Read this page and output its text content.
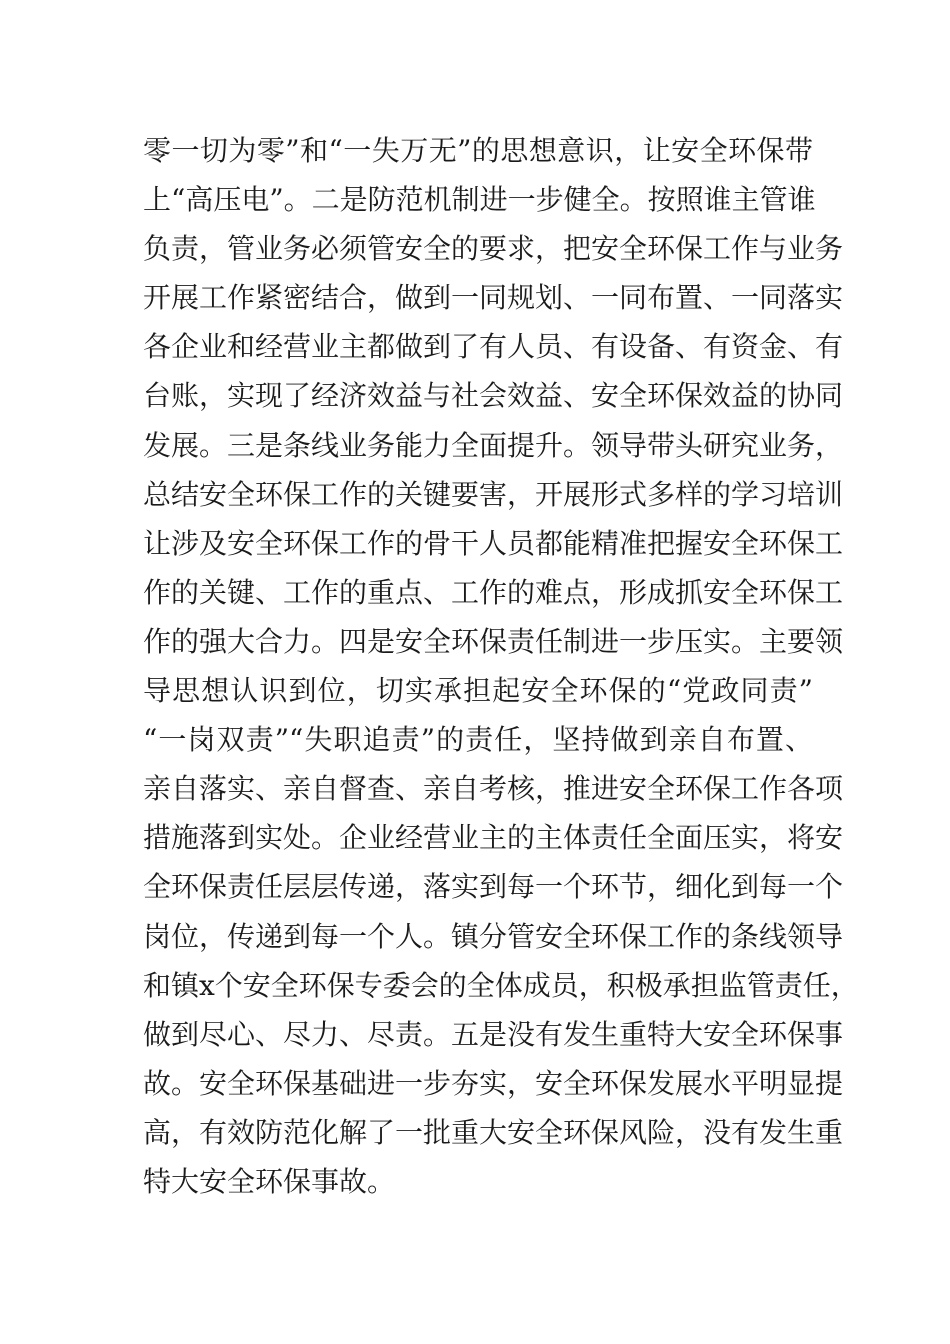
零一切为零”和“一失万无”的思想意识，让安全环保带
上“高压电”。二是防范机制进一步健全。按照谁主管谁
负责，管业务必须管安全的要求，把安全环保工作与业务
开展工作紧密结合，做到一同规划、一同布置、一同落实
各企业和经营业主都做到了有人员、有设备、有资金、有
台账，实现了经济效益与社会效益、安全环保效益的协同
发展。三是条线业务能力全面提升。领导带头研究业务，
总结安全环保工作的关键要害，开展形式多样的学习培训
让涉及安全环保工作的骨干人员都能精准把握安全环保工
作的关键、工作的重点、工作的难点，形成抓安全环保工
作的强大合力。四是安全环保责任制进一步压实。主要领
导思想认识到位，切实承担起安全环保的“党政同责”
“一岗双责”“失职追责”的责任，坚持做到亲自布置、
亲自落实、亲自督查、亲自考核，推进安全环保工作各项
措施落到实处。企业经营业主的主体责任全面压实，将安
全环保责任层层传递，落实到每一个环节，细化到每一个
岗位，传递到每一个人。镇分管安全环保工作的条线领导
和镇x个安全环保专委会的全体成员，积极承担监管责任，
做到尽心、尽力、尽责。五是没有发生重特大安全环保事
故。安全环保基础进一步夯实，安全环保发展水平明显提
高，有效防范化解了一批重大安全环保风险，没有发生重
特大安全环保事故。
